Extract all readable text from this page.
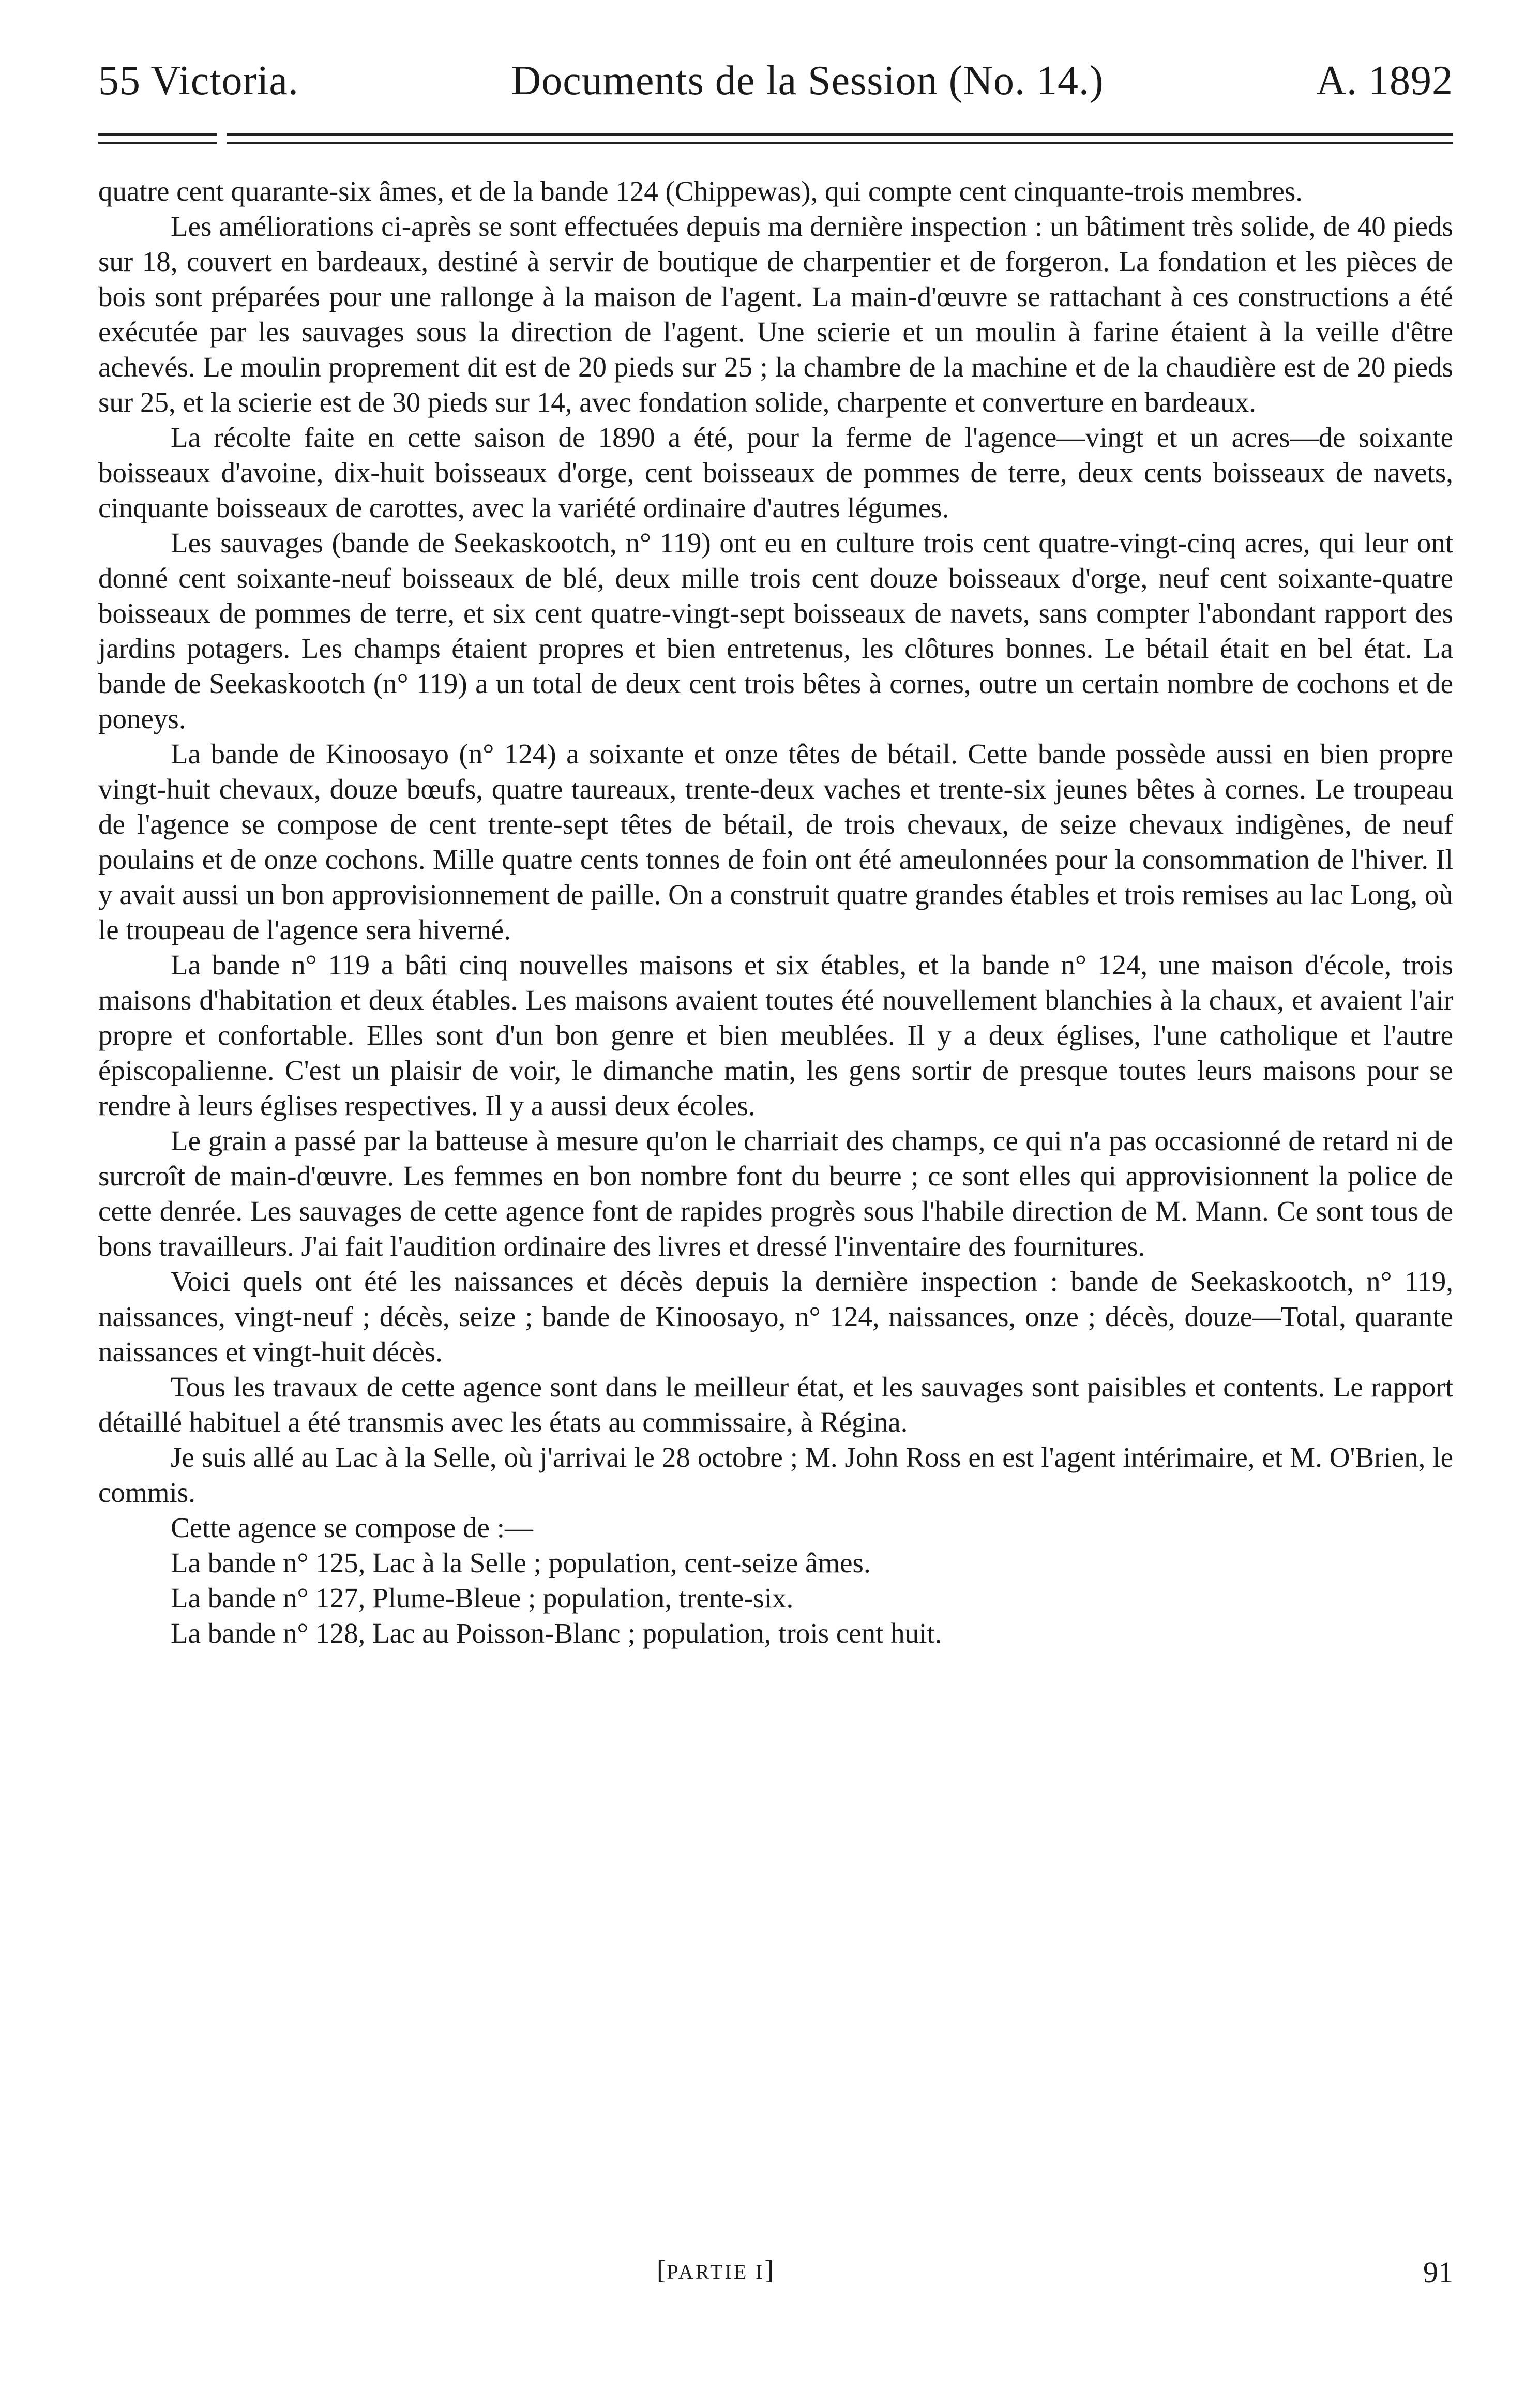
55 Victoria.	Documents de la Session (No. 14.)	A. 1892

quatre cent quarante-six âmes, et de la bande 124 (Chippewas), qui compte cent cinquante-trois membres.

Les améliorations ci-après se sont effectuées depuis ma dernière inspection : un bâtiment très solide, de 40 pieds sur 18, couvert en bardeaux, destiné à servir de boutique de charpentier et de forgeron. La fondation et les pièces de bois sont préparées pour une rallonge à la maison de l'agent. La main-d'œuvre se rattachant à ces constructions a été exécutée par les sauvages sous la direction de l'agent. Une scierie et un moulin à farine étaient à la veille d'être achevés. Le moulin proprement dit est de 20 pieds sur 25 ; la chambre de la machine et de la chaudière est de 20 pieds sur 25, et la scierie est de 30 pieds sur 14, avec fondation solide, charpente et converture en bardeaux.

La récolte faite en cette saison de 1890 a été, pour la ferme de l'agence—vingt et un acres—de soixante boisseaux d'avoine, dix-huit boisseaux d'orge, cent boisseaux de pommes de terre, deux cents boisseaux de navets, cinquante boisseaux de carottes, avec la variété ordinaire d'autres légumes.

Les sauvages (bande de Seekaskootch, n° 119) ont eu en culture trois cent quatre-vingt-cinq acres, qui leur ont donné cent soixante-neuf boisseaux de blé, deux mille trois cent douze boisseaux d'orge, neuf cent soixante-quatre boisseaux de pommes de terre, et six cent quatre-vingt-sept boisseaux de navets, sans compter l'abondant rapport des jardins potagers. Les champs étaient propres et bien entretenus, les clôtures bonnes. Le bétail était en bel état. La bande de Seekaskootch (n° 119) a un total de deux cent trois bêtes à cornes, outre un certain nombre de cochons et de poneys.

La bande de Kinoosayo (n° 124) a soixante et onze têtes de bétail. Cette bande possède aussi en bien propre vingt-huit chevaux, douze bœufs, quatre taureaux, trente-deux vaches et trente-six jeunes bêtes à cornes. Le troupeau de l'agence se compose de cent trente-sept têtes de bétail, de trois chevaux, de seize chevaux indigènes, de neuf poulains et de onze cochons. Mille quatre cents tonnes de foin ont été ameulonnées pour la consommation de l'hiver. Il y avait aussi un bon approvisionnement de paille. On a construit quatre grandes étables et trois remises au lac Long, où le troupeau de l'agence sera hiverné.

La bande n° 119 a bâti cinq nouvelles maisons et six étables, et la bande n° 124, une maison d'école, trois maisons d'habitation et deux étables. Les maisons avaient toutes été nouvellement blanchies à la chaux, et avaient l'air propre et confortable. Elles sont d'un bon genre et bien meublées. Il y a deux églises, l'une catholique et l'autre épiscopalienne. C'est un plaisir de voir, le dimanche matin, les gens sortir de presque toutes leurs maisons pour se rendre à leurs églises respectives. Il y a aussi deux écoles.

Le grain a passé par la batteuse à mesure qu'on le charriait des champs, ce qui n'a pas occasionné de retard ni de surcroît de main-d'œuvre. Les femmes en bon nombre font du beurre ; ce sont elles qui approvisionnent la police de cette denrée. Les sauvages de cette agence font de rapides progrès sous l'habile direction de M. Mann. Ce sont tous de bons travailleurs. J'ai fait l'audition ordinaire des livres et dressé l'inventaire des fournitures.

Voici quels ont été les naissances et décès depuis la dernière inspection : bande de Seekaskootch, n° 119, naissances, vingt-neuf ; décès, seize ; bande de Kinoosayo, n° 124, naissances, onze ; décès, douze—Total, quarante naissances et vingt-huit décès.

Tous les travaux de cette agence sont dans le meilleur état, et les sauvages sont paisibles et contents. Le rapport détaillé habituel a été transmis avec les états au commissaire, à Régina.

Je suis allé au Lac à la Selle, où j'arrivai le 28 octobre ; M. John Ross en est l'agent intérimaire, et M. O'Brien, le commis.

Cette agence se compose de :—

La bande n° 125, Lac à la Selle ; population, cent-seize âmes.

La bande n° 127, Plume-Bleue ; population, trente-six.

La bande n° 128, Lac au Poisson-Blanc ; population, trois cent huit.

[PARTIE I]	91
